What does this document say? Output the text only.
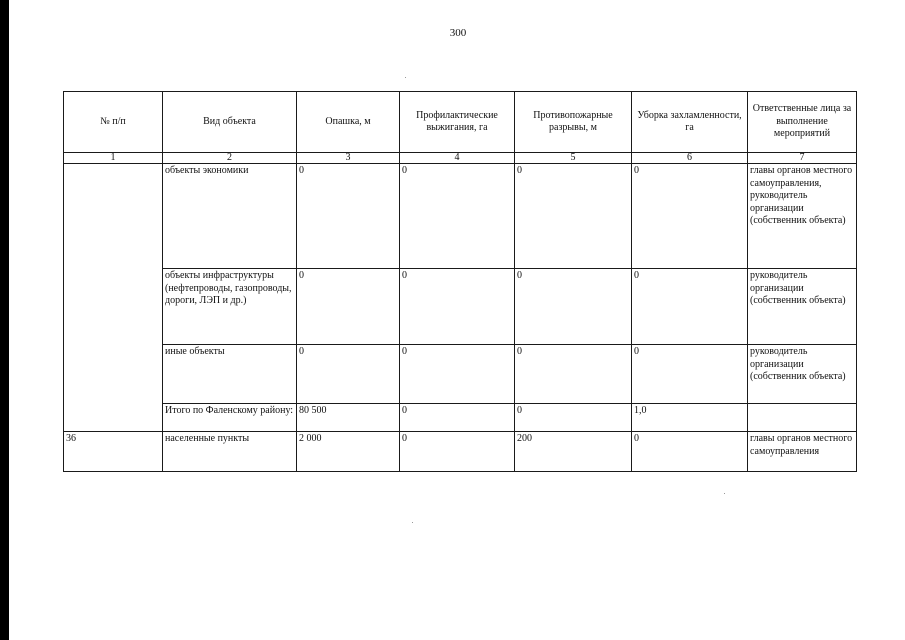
300
№ п/п	Вид объекта	Опашка, м	Профилактические выжигания, га	Противопожарные разрывы, м	Уборка захламленности, га	Ответственные лица за выполнение мероприятий
1	2	3	4	5	6	7
	объекты экономики	0	0	0	0	главы органов местного самоуправления, руководитель организации (собственник объекта)
	объекты инфраструктуры (нефтепроводы, газопроводы, дороги, ЛЭП и др.)	0	0	0	0	руководитель организации (собственник объекта)
	иные объекты	0	0	0	0	руководитель организации (собственник объекта)
	Итого по Фаленскому району:	80 500	0	0	1,0	
36	населенные пункты	2 000	0	200	0	главы органов местного самоуправления
